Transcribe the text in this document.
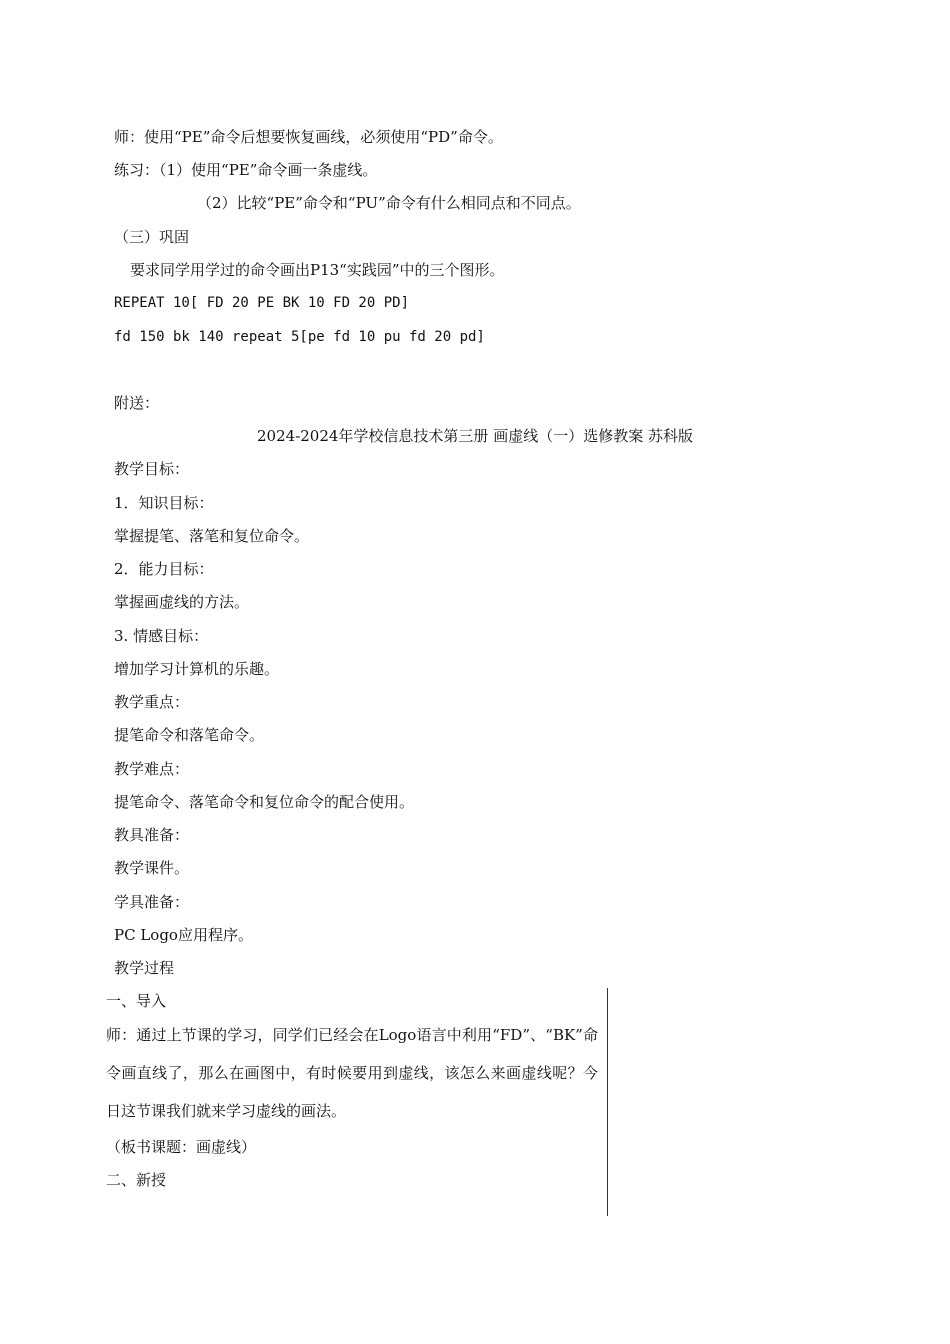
师：使用“PE”命令后想要恢复画线，必须使用“PD”命令。
练习：（1）使用“PE”命令画一条虚线。
（2）比较“PE”命令和“PU”命令有什么相同点和不同点。
（三）巩固
要求同学用学过的命令画出P13“实践园”中的三个图形。
REPEAT 10[ FD 20 PE BK 10 FD 20 PD]
fd 150 bk 140 repeat 5[pe fd 10 pu fd 20 pd]
附送：
2024-2024年学校信息技术第三册 画虚线（一）选修教案 苏科版
教学目标：
1．知识目标：
掌握提笔、落笔和复位命令。
2．能力目标：
掌握画虚线的方法。
3. 情感目标：
增加学习计算机的乐趣。
教学重点：
提笔命令和落笔命令。
教学难点：
提笔命令、落笔命令和复位命令的配合使用。
教具准备：
教学课件。
学具准备：
PC Logo应用程序。
教学过程
一、导入
师：通过上节课的学习，同学们已经会在Logo语言中利用“FD”、“BK”命令画直线了，那么在画图中，有时候要用到虚线，该怎么来画虚线呢？今日这节课我们就来学习虚线的画法。
（板书课题：画虚线）
二、新授
